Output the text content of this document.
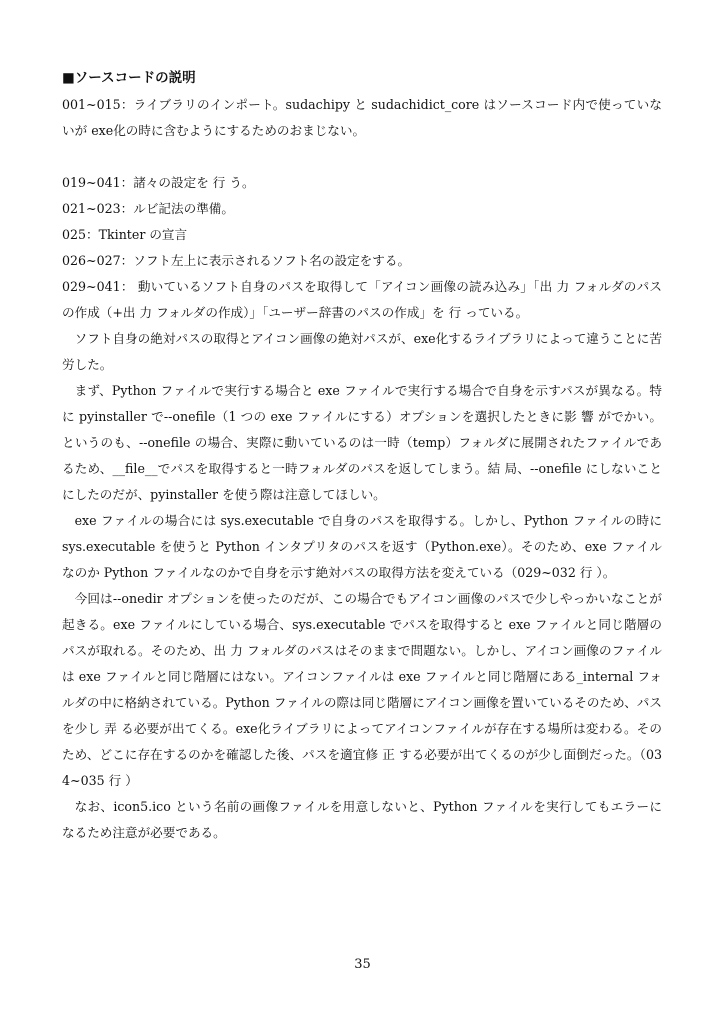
■ソースコードの説明

001~015：ライブラリのインポート。sudachipy と sudachidict_core はソースコード内で使っていないが exe化の時に含むようにするためのおまじない。

019~041：諸々の設定を 行 う。

021~023：ルビ記法の準備。

025：Tkinter の宣言

026~027：ソフト左上に表示されるソフト名の設定をする。

029~041： 動いているソフト自身のパスを取得して「アイコン画像の読み込み」「出 力 フォルダのパスの作成（+出 力 フォルダの作成）」「ユーザー辞書のパスの作成」を 行 っている。

ソフト自身の絶対パスの取得とアイコン画像の絶対パスが、exe化するライブラリによって違うことに苦労した。

まず、Python ファイルで実行する場合と exe ファイルで実行する場合で自身を示すパスが異なる。特に pyinstaller で--onefile（1 つの exe ファイルにする）オプションを選択したときに影 響 がでかい。というのも、--onefile の場合、実際に動いているのは一時（temp）フォルダに展開されたファイルであるため、__file__でパスを取得すると一時フォルダのパスを返してしまう。結 局、--onefile にしないことにしたのだが、pyinstaller を使う際は注意してほしい。

exe ファイルの場合には sys.executable で自身のパスを取得する。しかし、Python ファイルの時に sys.executable を使うと Python インタプリタのパスを返す（Python.exe）。そのため、exe ファイルなのか Python ファイルなのかで自身を示す絶対パスの取得方法を変えている（029~032 行 ）。

今回は--onedir オプションを使ったのだが、この場合でもアイコン画像のパスで少しやっかいなことが起きる。exe ファイルにしている場合、sys.executable でパスを取得すると exe ファイルと同じ階層のパスが取れる。そのため、出 力 フォルダのパスはそのままで問題ない。しかし、アイコン画像のファイルは exe ファイルと同じ階層にはない。アイコンファイルは exe ファイルと同じ階層にある_internal フォルダの中に格納されている。Python ファイルの際は同じ階層にアイコン画像を置いているそのため、パスを少し 弄 る必要が出てくる。exe化ライブラリによってアイコンファイルが存在する場所は変わる。そのため、どこに存在するのかを確認した後、パスを適宜修 正 する必要が出てくるのが少し面倒だった。（034~035 行 ）

なお、icon5.ico という名前の画像ファイルを用意しないと、Python ファイルを実行してもエラーになるため注意が必要である。

35
